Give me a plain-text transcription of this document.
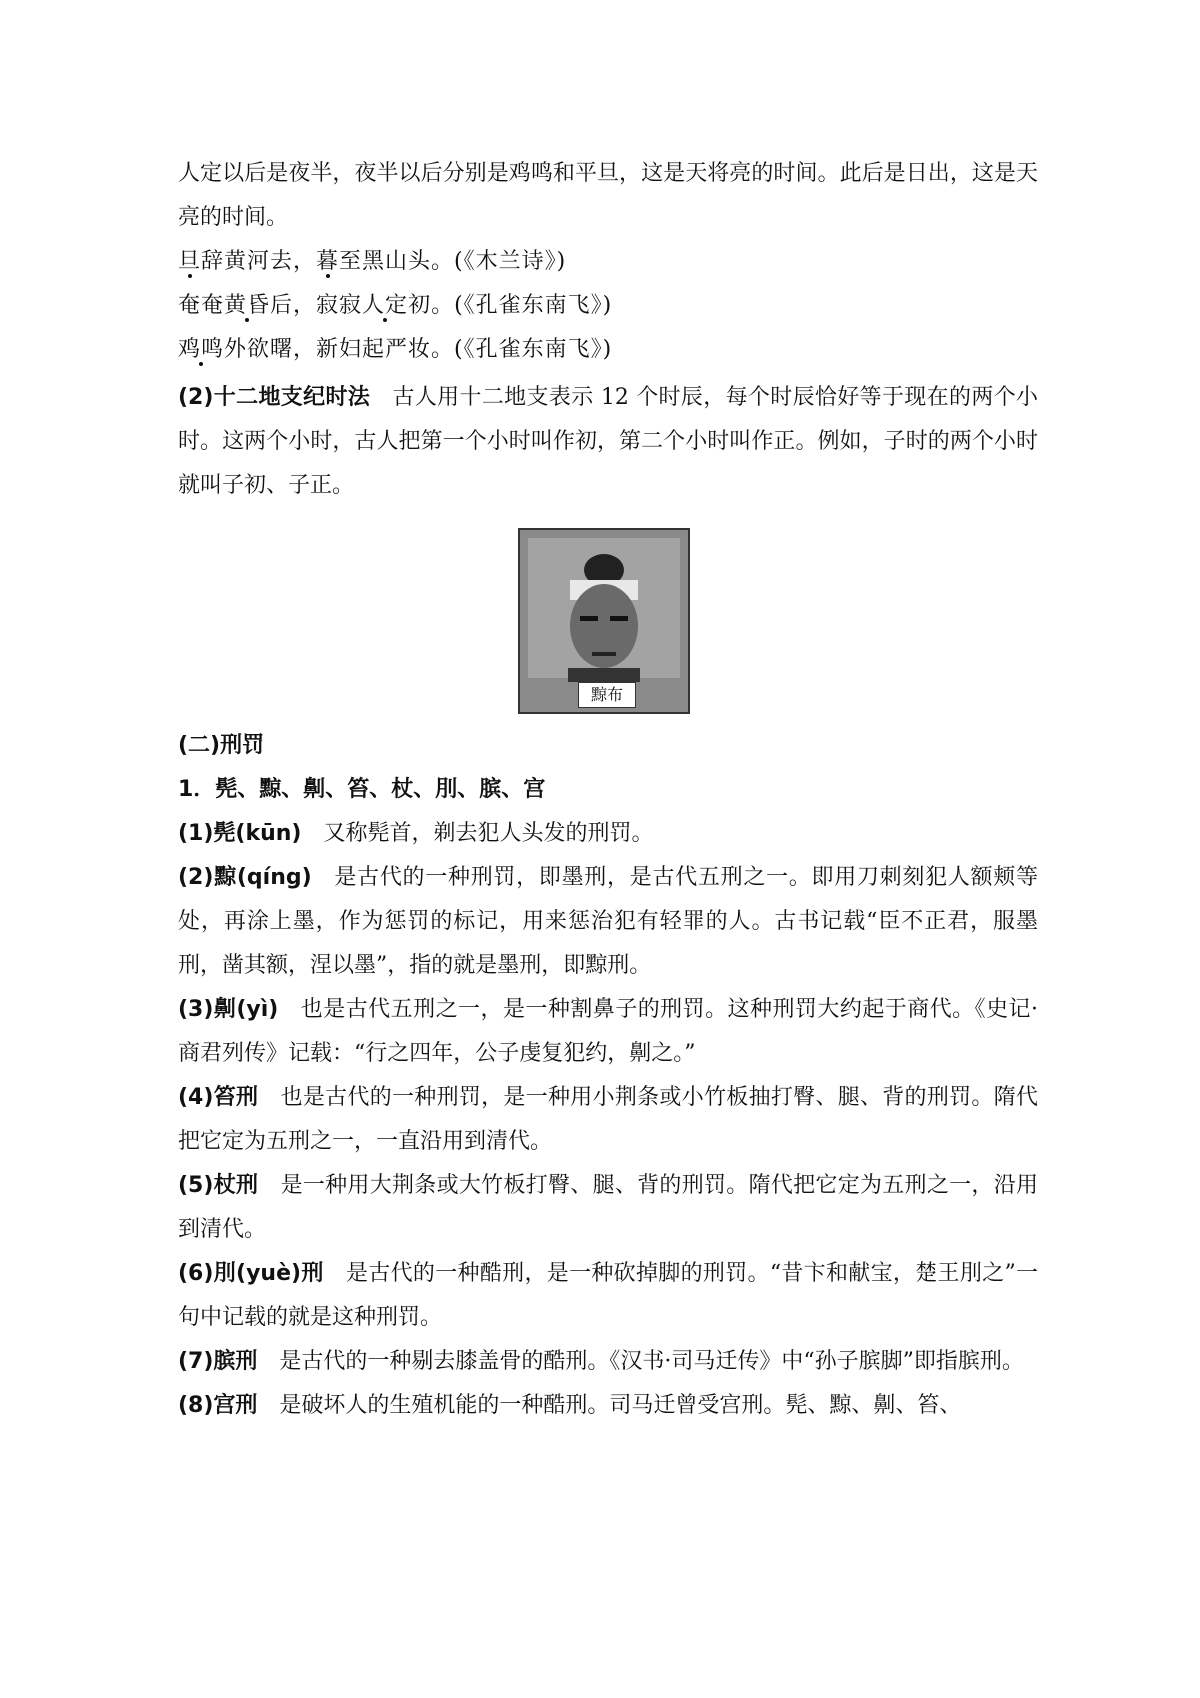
人定以后是夜半，夜半以后分别是鸡鸣和平旦，这是天将亮的时间。此后是日出，这是天亮的时间。

旦辞黄河去，暮至黑山头。(《木兰诗》)
奄奄黄昏后，寂寂人定初。(《孔雀东南飞》)
鸡鸣外欲曙，新妇起严妆。(《孔雀东南飞》)

(2)十二地支纪时法  古人用十二地支表示 12 个时辰，每个时辰恰好等于现在的两个小时。这两个小时，古人把第一个小时叫作初，第二个小时叫作正。例如，子时的两个小时就叫子初、子正。

黥布

(二)刑罚

1．髡、黥、劓、笞、杖、刖、膑、宫

(1)髡(kūn)  又称髡首，剃去犯人头发的刑罚。

(2)黥(qíng)  是古代的一种刑罚，即墨刑，是古代五刑之一。即用刀刺刻犯人额颊等处，再涂上墨，作为惩罚的标记，用来惩治犯有轻罪的人。古书记载“臣不正君，服墨刑，凿其额，涅以墨”，指的就是墨刑，即黥刑。

(3)劓(yì)  也是古代五刑之一，是一种割鼻子的刑罚。这种刑罚大约起于商代。《史记·商君列传》记载：“行之四年，公子虔复犯约，劓之。”

(4)笞刑  也是古代的一种刑罚，是一种用小荆条或小竹板抽打臀、腿、背的刑罚。隋代把它定为五刑之一，一直沿用到清代。

(5)杖刑  是一种用大荆条或大竹板打臀、腿、背的刑罚。隋代把它定为五刑之一，沿用到清代。

(6)刖(yuè)刑  是古代的一种酷刑，是一种砍掉脚的刑罚。“昔卞和献宝，楚王刖之”一句中记载的就是这种刑罚。

(7)膑刑  是古代的一种剔去膝盖骨的酷刑。《汉书·司马迁传》中“孙子膑脚”即指膑刑。

(8)宫刑  是破坏人的生殖机能的一种酷刑。司马迁曾受宫刑。髡、黥、劓、笞、
